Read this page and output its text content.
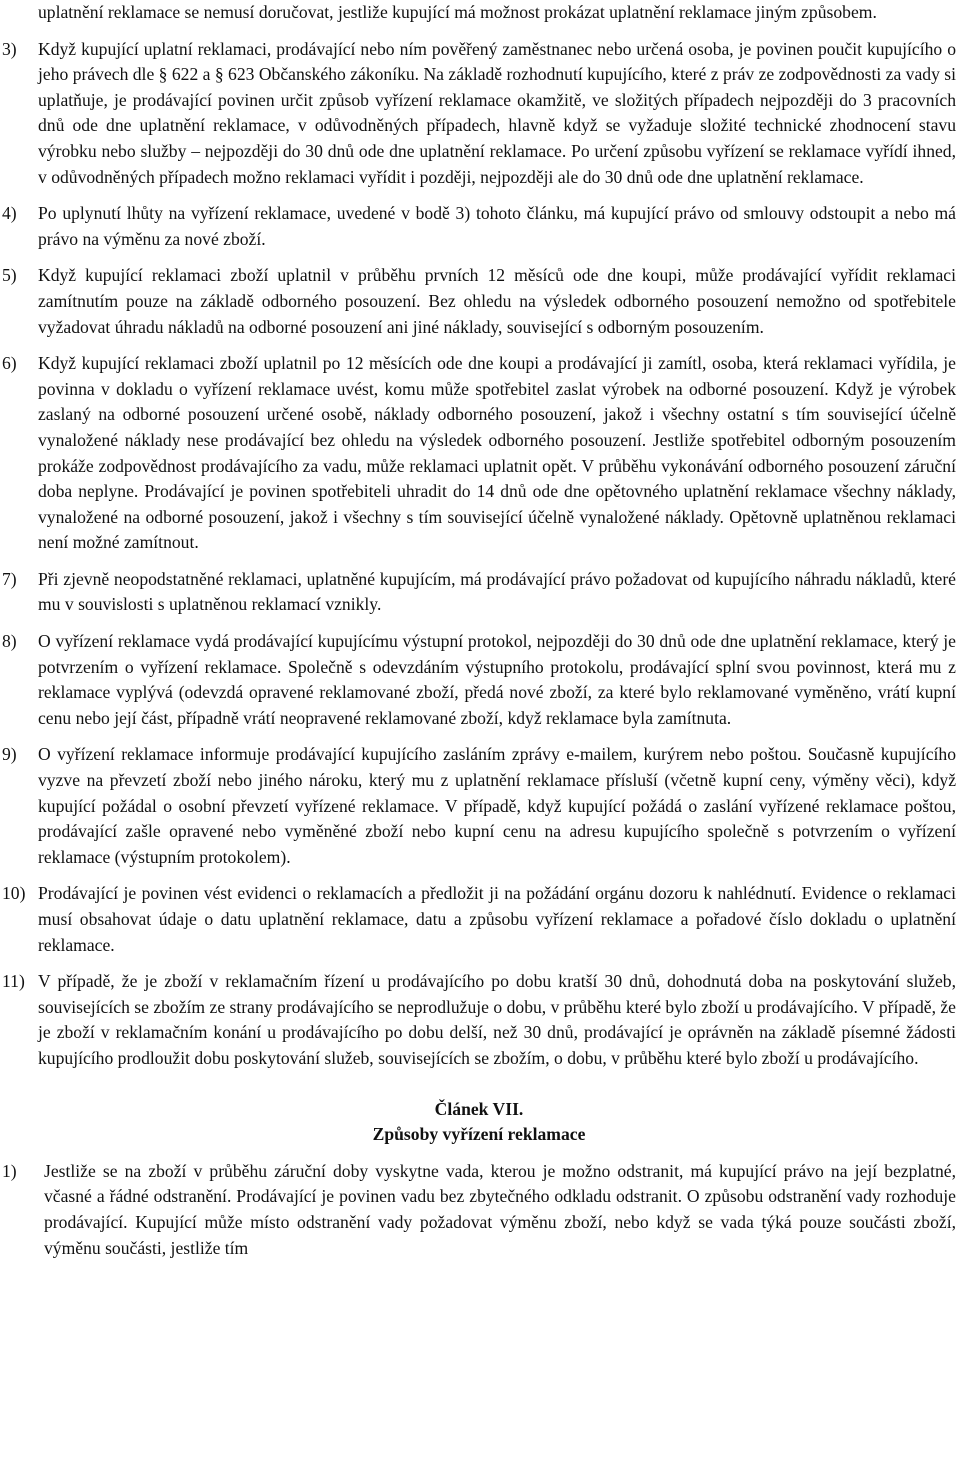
uplatnění reklamace se nemusí doručovat, jestliže kupující má možnost prokázat uplatnění reklamace jiným způsobem.

3)	Když kupující uplatní reklamaci, prodávající nebo ním pověřený zaměstnanec nebo určená osoba, je povinen poučit kupujícího o jeho právech dle § 622 a § 623 Občanského zákoníku. Na základě rozhodnutí kupujícího, které z práv ze zodpovědnosti za vady si uplatňuje, je prodávající povinen určit způsob vyřízení reklamace okamžitě, ve složitých případech nejpozději do 3 pracovních dnů ode dne uplatnění reklamace, v odůvodněných případech, hlavně když se vyžaduje složité technické zhodnocení stavu výrobku nebo služby – nejpozději do 30 dnů ode dne uplatnění reklamace. Po určení způsobu vyřízení se reklamace vyřídí ihned, v odůvodněných případech možno reklamaci vyřídit i později, nejpozději ale do 30 dnů ode dne uplatnění reklamace.
4)	Po uplynutí lhůty na vyřízení reklamace, uvedené v bodě 3) tohoto článku, má kupující právo od smlouvy odstoupit a nebo má právo na výměnu za nové zboží.
5)	Když kupující reklamaci zboží uplatnil v průběhu prvních 12 měsíců ode dne koupi, může prodávající vyřídit reklamaci zamítnutím pouze na základě odborného posouzení. Bez ohledu na výsledek odborného posouzení nemožno od spotřebitele vyžadovat úhradu nákladů na odborné posouzení ani jiné náklady, související s odborným posouzením.
6)	Když kupující reklamaci zboží uplatnil po 12 měsících ode dne koupi a prodávající ji zamítl, osoba, která reklamaci vyřídila, je povinna v dokladu o vyřízení reklamace uvést, komu může spotřebitel zaslat výrobek na odborné posouzení. Když je výrobek zaslaný na odborné posouzení určené osobě, náklady odborného posouzení, jakož i všechny ostatní s tím související účelně vynaložené náklady nese prodávající bez ohledu na výsledek odborného posouzení. Jestliže spotřebitel odborným posouzením prokáže zodpovědnost prodávajícího za vadu, může reklamaci uplatnit opět. V průběhu vykonávání odborného posouzení záruční doba neplyne. Prodávající je povinen spotřebiteli uhradit do 14 dnů ode dne opětovného uplatnění reklamace všechny náklady, vynaložené na odborné posouzení, jakož i všechny s tím související účelně vynaložené náklady. Opětovně uplatněnou reklamaci není možné zamítnout.
7)	Při zjevně neopodstatněné reklamaci, uplatněné kupujícím, má prodávající právo požadovat od kupujícího náhradu nákladů, které mu v souvislosti s uplatněnou reklamací vznikly.
8)	O vyřízení reklamace vydá prodávající kupujícímu výstupní protokol, nejpozději do 30 dnů ode dne uplatnění reklamace, který je potvrzením o vyřízení reklamace. Společně s odevzdáním výstupního protokolu, prodávající splní svou povinnost, která mu z reklamace vyplývá (odevzdá opravené reklamované zboží, předá nové zboží, za které bylo reklamované vyměněno, vrátí kupní cenu nebo její část, případně vrátí neopravené reklamované zboží, když reklamace byla zamítnuta.
9)	O vyřízení reklamace informuje prodávající kupujícího zasláním zprávy e-mailem, kurýrem nebo poštou. Současně kupujícího vyzve na převzetí zboží nebo jiného nároku, který mu z uplatnění reklamace přísluší (včetně kupní ceny, výměny věci), když kupující požádal o osobní převzetí vyřízené reklamace. V případě, když kupující požádá o zaslání vyřízené reklamace poštou, prodávající zašle opravené nebo vyměněné zboží nebo kupní cenu na adresu kupujícího společně s potvrzením o vyřízení reklamace (výstupním protokolem).
10) Prodávající je povinen vést evidenci o reklamacích a předložit ji na požádání orgánu dozoru k nahlédnutí. Evidence o reklamaci musí obsahovat údaje o datu uplatnění reklamace, datu a způsobu vyřízení reklamace a pořadové číslo dokladu o uplatnění reklamace.
11) V případě, že je zboží v reklamačním řízení u prodávajícího po dobu kratší 30 dnů, dohodnutá doba na poskytování služeb, souvisejících se zbožím ze strany prodávajícího se neprodlužuje o dobu, v průběhu které bylo zboží u prodávajícího. V případě, že je zboží v reklamačním konání u prodávajícího po dobu delší, než 30 dnů, prodávající je oprávněn na základě písemné žádosti kupujícího prodloužit dobu poskytování služeb, souvisejících se zbožím, o dobu, v průběhu které bylo zboží u prodávajícího.

Článek VII.

Způsoby vyřízení reklamace

1)	Jestliže se na zboží v průběhu záruční doby vyskytne vada, kterou je možno odstranit, má kupující právo na její bezplatné, včasné a řádné odstranění. Prodávající je povinen vadu bez zbytečného odkladu odstranit. O způsobu odstranění vady rozhoduje prodávající. Kupující může místo odstranění vady požadovat výměnu zboží, nebo když se vada týká pouze součásti zboží, výměnu součásti, jestliže tím
